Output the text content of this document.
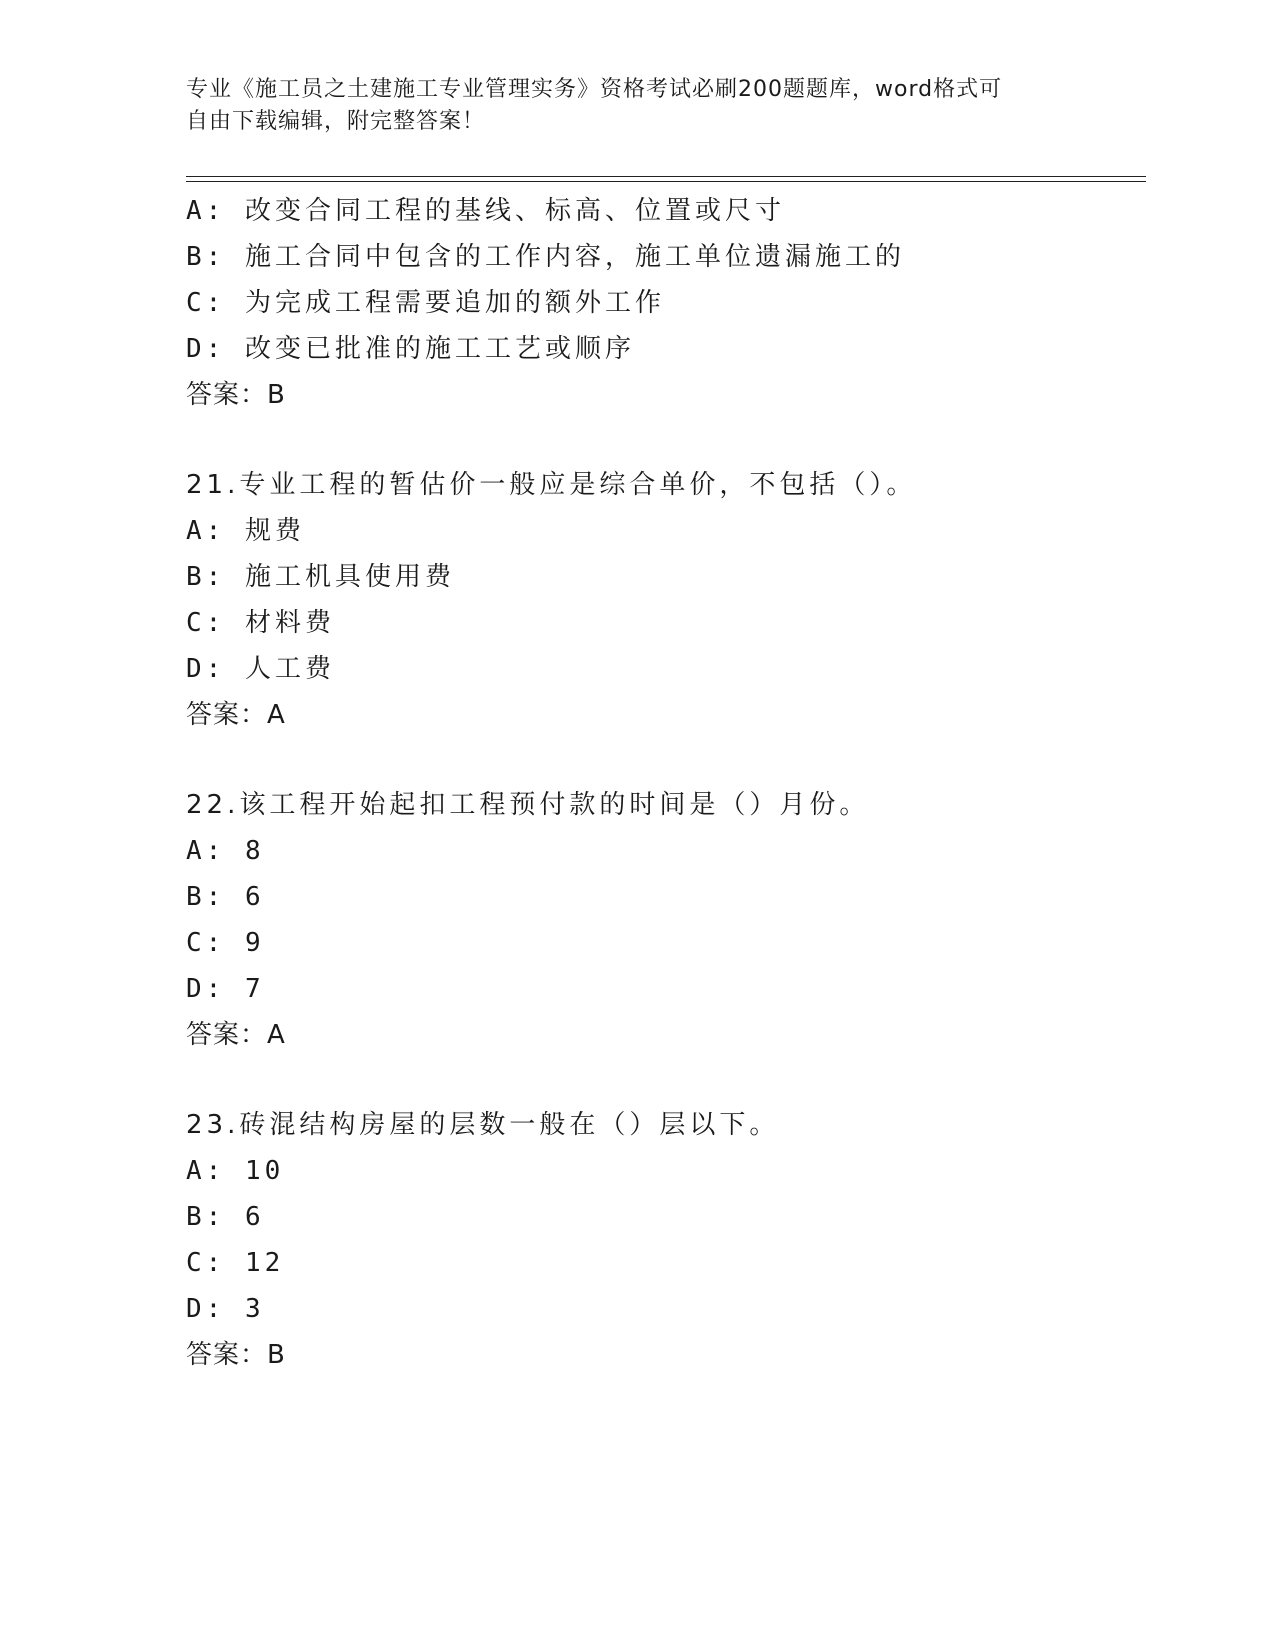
专业《施工员之土建施工专业管理实务》资格考试必刷200题题库，word格式可
自由下载编辑，附完整答案！
A: 改变合同工程的基线、标高、位置或尺寸
B: 施工合同中包含的工作内容，施工单位遗漏施工的
C: 为完成工程需要追加的额外工作
D: 改变已批准的施工工艺或顺序
答案：B
21.专业工程的暂估价一般应是综合单价，不包括（）。
A: 规费
B: 施工机具使用费
C: 材料费
D: 人工费
答案：A
22.该工程开始起扣工程预付款的时间是（）月份。
A: 8
B: 6
C: 9
D: 7
答案：A
23.砖混结构房屋的层数一般在（）层以下。
A: 10
B: 6
C: 12
D: 3
答案：B
